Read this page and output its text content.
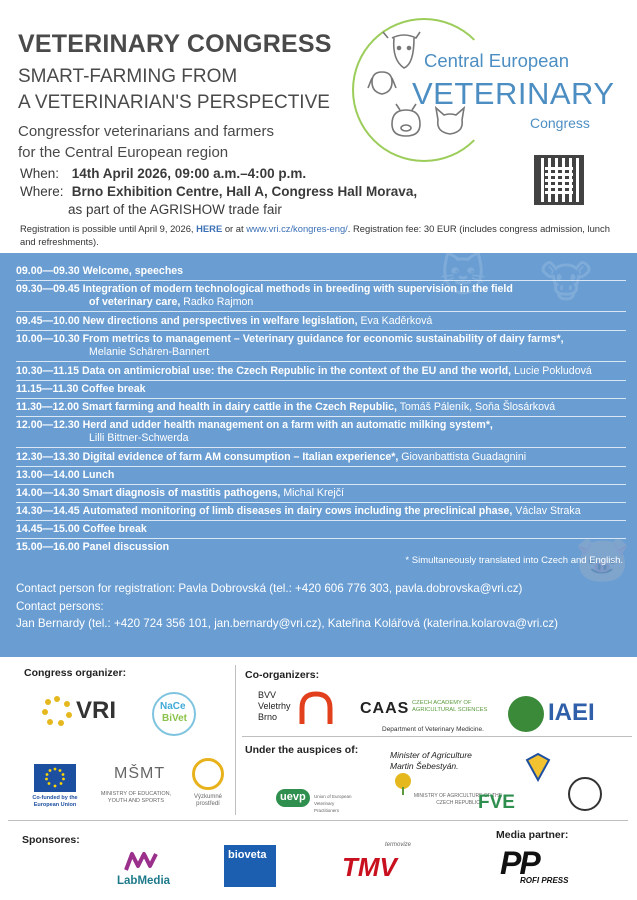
VETERINARY CONGRESS
SMART-FARMING FROM
A VETERINARIAN'S PERSPECTIVE
Congressfor veterinarians and farmers
for the Central European region
When: 14th April 2026, 09:00 a.m.–4:00 p.m.
Where: Brno Exhibition Centre, Hall A, Congress Hall Morava,
as part of the AGRISHOW trade fair
Registration is possible until April 9, 2026, HERE or at www.vri.cz/kongres-eng/. Registration fee: 30 EUR (includes congress admission, lunch and refreshments).
Central European
VETERINARY
Congress
🐱 🐮
🐷
09.00—09.30 Welcome, speeches
09.30—09.45 Integration of modern technological methods in breeding with supervision in the field
of veterinary care, Radko Rajmon
09.45—10.00 New directions and perspectives in welfare legislation, Eva Kaděrková
10.00—10.30 From metrics to management – Veterinary guidance for economic sustainability of dairy farms*,
Melanie Schären-Bannert
10.30—11.15 Data on antimicrobial use: the Czech Republic in the context of the EU and the world, Lucie Pokludová
11.15—11.30 Coffee break
11.30—12.00 Smart farming and health in dairy cattle in the Czech Republic, Tomáš Páleník, Soňa Šlosárková
12.00—12.30 Herd and udder health management on a farm with an automatic milking system*,
Lilli Bittner-Schwerda
12.30—13.30 Digital evidence of farm AM consumption – Italian experience*, Giovanbattista Guadagnini
13.00—14.00 Lunch
14.00—14.30 Smart diagnosis of mastitis pathogens, Michal Krejčí
14.30—14.45 Automated monitoring of limb diseases in dairy cows including the preclinical phase, Václav Straka
14.45—15.00 Coffee break
15.00—16.00 Panel discussion
* Simultaneously translated into Czech and English.
Contact person for registration: Pavla Dobrovská (tel.: +420 606 776 303, pavla.dobrovska@vri.cz)
Contact persons:
Jan Bernardy (tel.: +420 724 356 101, jan.bernardy@vri.cz), Kateřina Kolářová (katerina.kolarova@vri.cz)
Congress organizer:	Co-organizers:
Under the auspices of:
Sponsores:	Media partner:
VRI	NaCe
BiVet
Co-funded by the European Union
MŠMT
MINISTRY OF EDUCATION, YOUTH AND SPORTS
Výzkumné prostředí
BVV
Veletrhy
Brno	CAAS CZECH ACADEMY OF AGRICULTURAL SCIENCES
Department of Veterinary Medicine.
IAEI
Minister of Agriculture
Martin Šebestyán.
MINISTRY OF AGRICULTURE OF THE CZECH REPUBLIC
uevp Union of European Veterinary Practitioners	FVE
LabMedia
bioveta
termovize
TMV	PP
ROFI PRESS
